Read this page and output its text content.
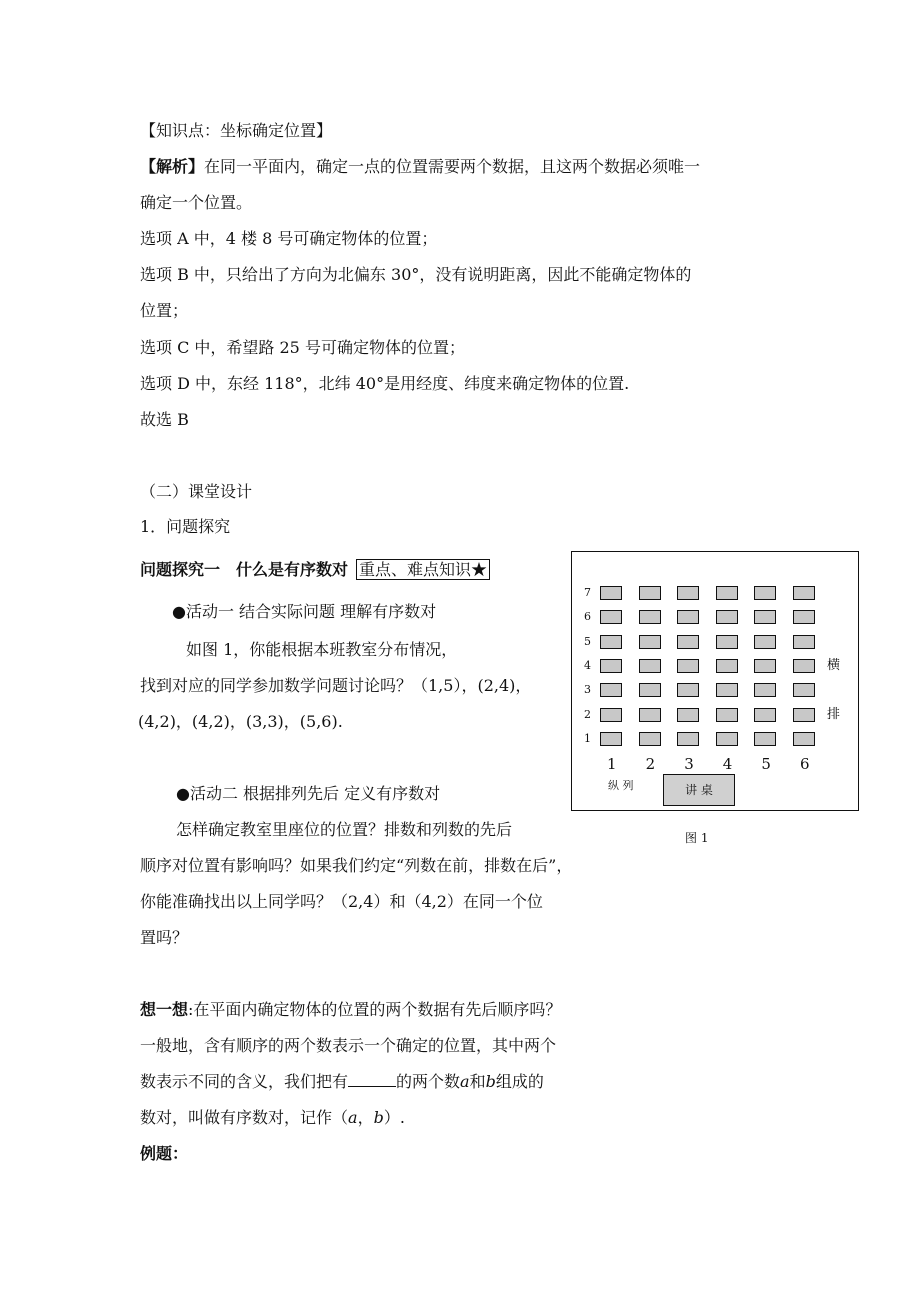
【知识点：坐标确定位置】
【解析】在同一平面内，确定一点的位置需要两个数据，且这两个数据必须唯一
确定一个位置。
选项 A 中，4 楼 8 号可确定物体的位置；
选项 B 中，只给出了方向为北偏东 30°，没有说明距离，因此不能确定物体的
位置；
选项 C 中，希望路 25 号可确定物体的位置；
选项 D 中，东经 118°，北纬 40°是用经度、纬度来确定物体的位置.
故选 B
（二）课堂设计
1．问题探究
问题探究一　什么是有序数对 重点、难点知识★
●活动一 结合实际问题 理解有序数对
如图 1，你能根据本班教室分布情况，
找到对应的同学参加数学问题讨论吗？（1,5），(2,4)，
(4,2)，(4,2)，(3,3)，(5,6).
●活动二 根据排列先后 定义有序数对
怎样确定教室里座位的位置？排数和列数的先后
顺序对位置有影响吗？如果我们约定“列数在前，排数在后”，
你能准确找出以上同学吗？（2,4）和（4,2）在同一个位
置吗？
想一想:在平面内确定物体的位置的两个数据有先后顺序吗？
一般地，含有顺序的两个数表示一个确定的位置，其中两个
数表示不同的含义，我们把有	的两个数a和b组成的
数对，叫做有序数对，记作（a，b）.
例题：
横
排
纵 列	讲 桌
7
6
5
4
3
2
1
1 2 3 4 5 6
图 1
